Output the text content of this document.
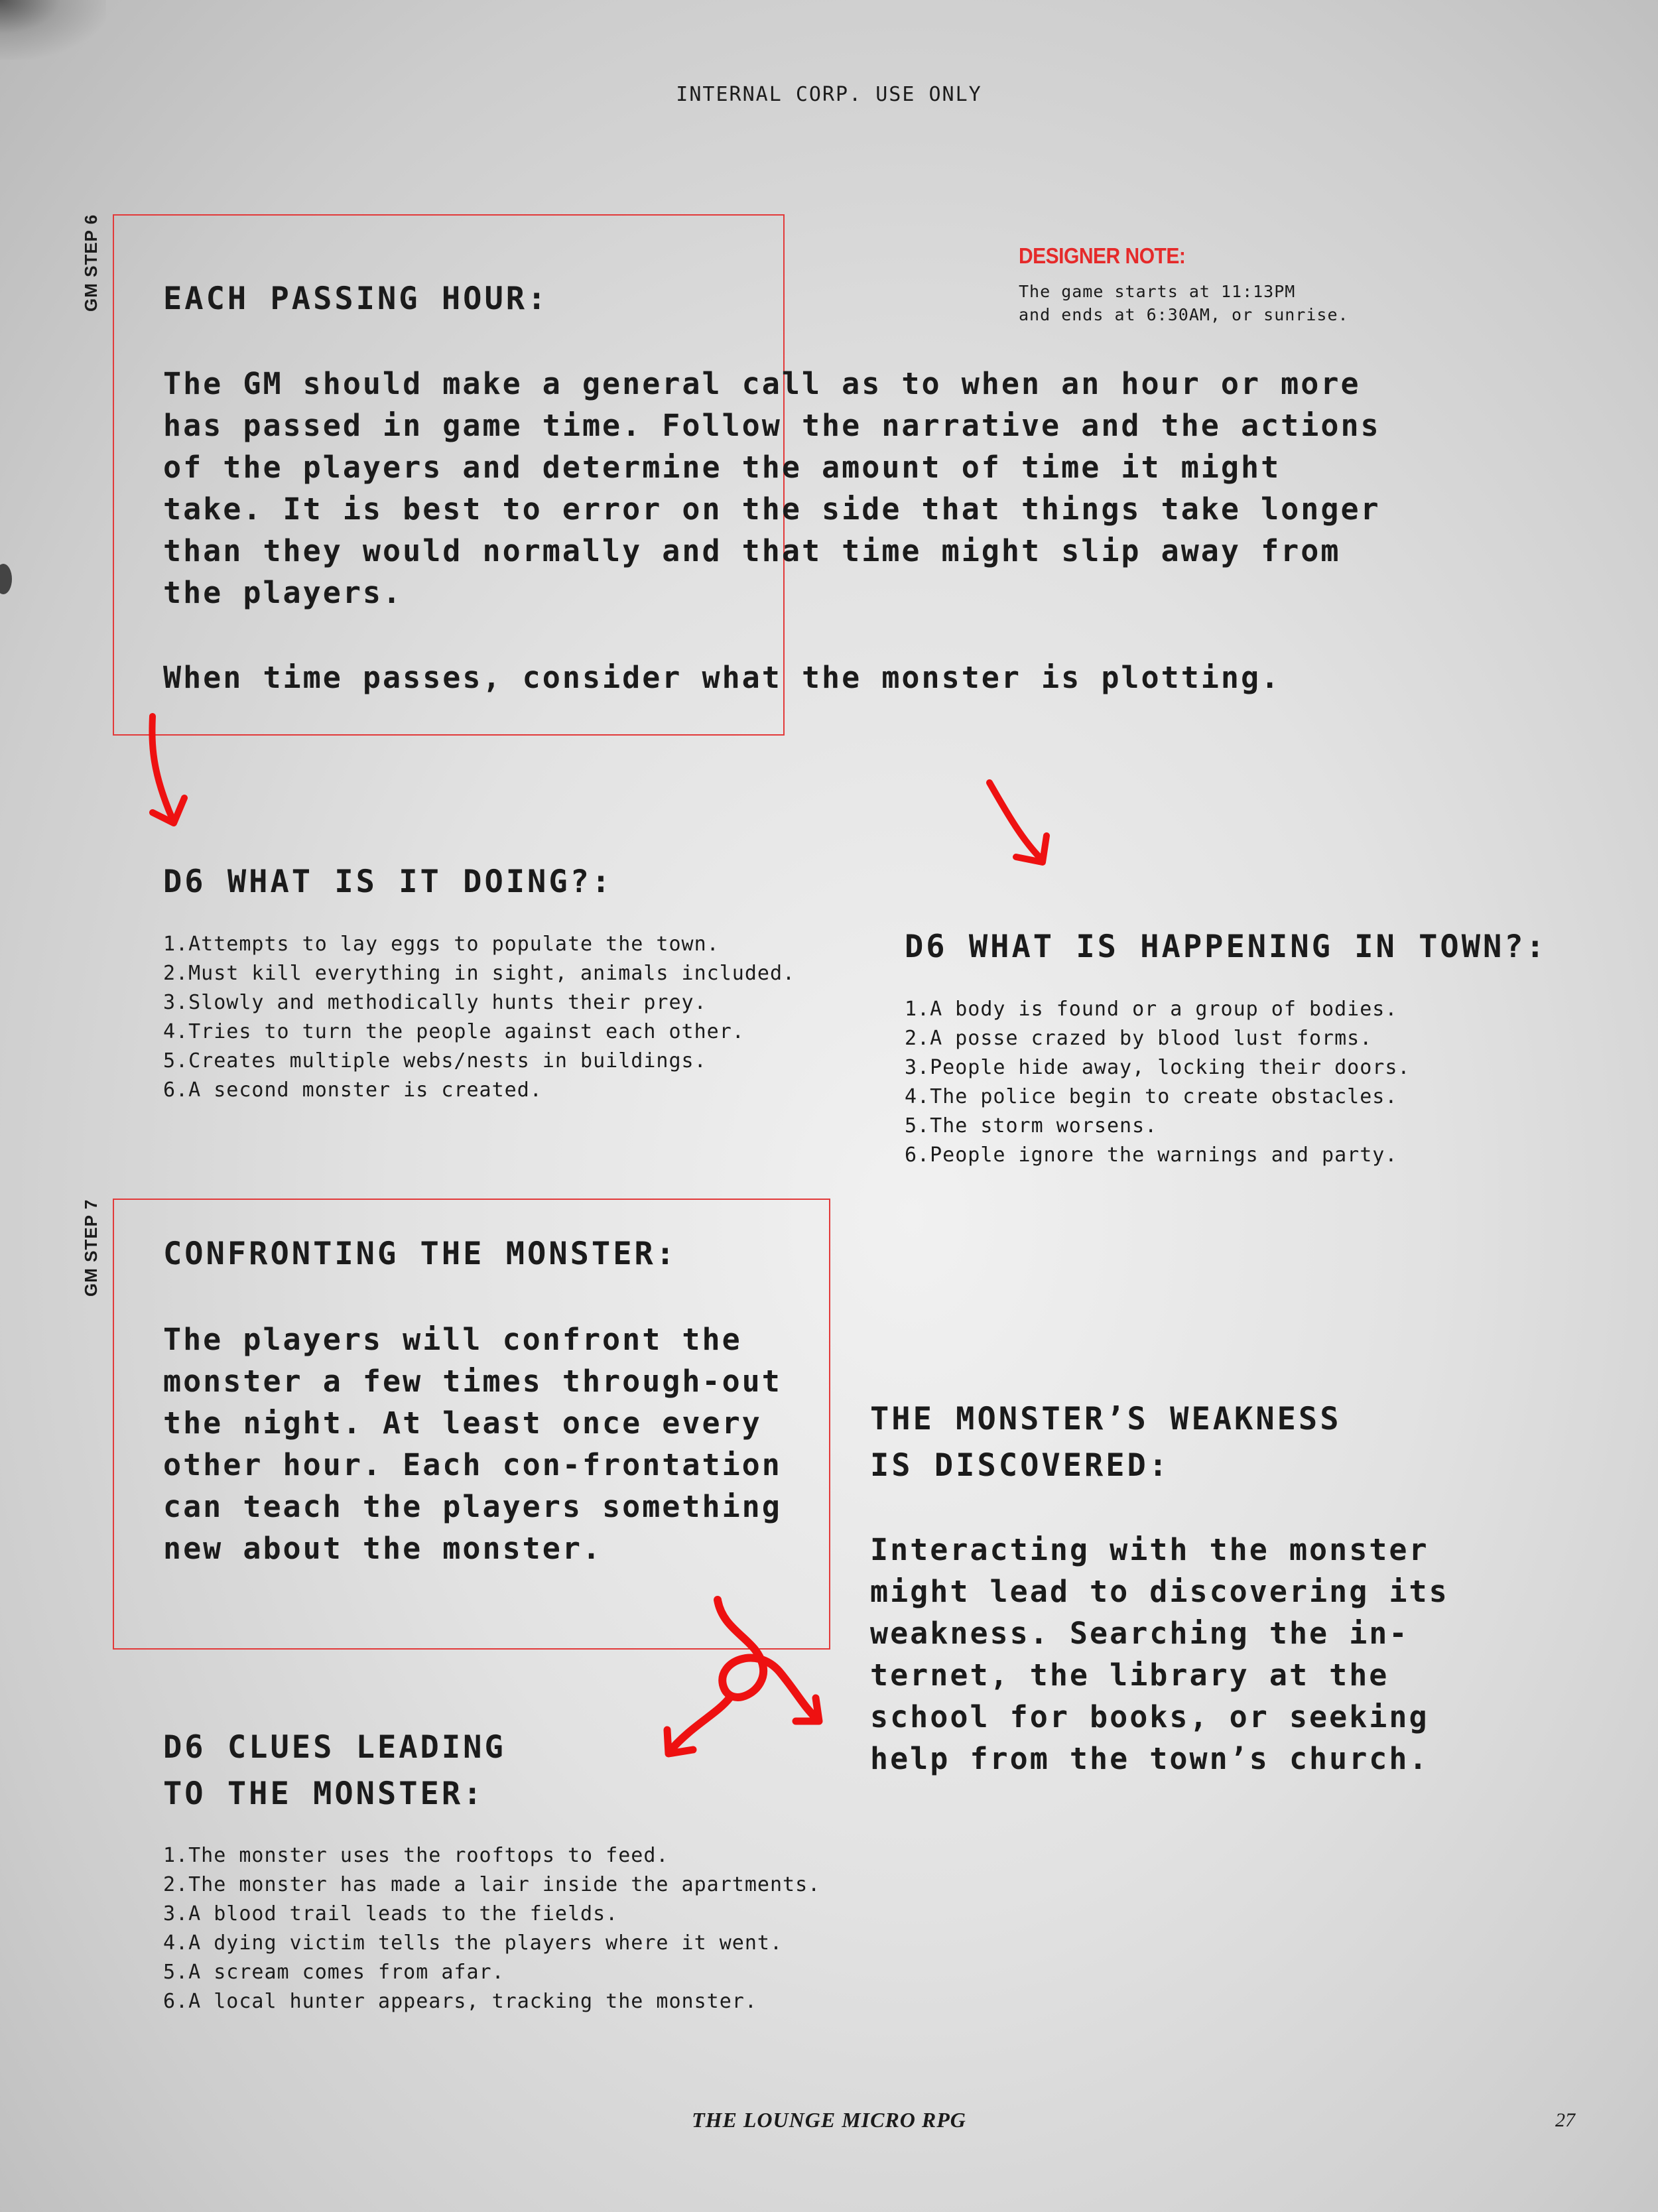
INTERNAL CORP. USE ONLY
GM STEP 6 EACH PASSING HOUR:
DESIGNER NOTE:
The game starts at 11:13PM
and ends at 6:30AM, or sunrise.
The GM should make a general call as to when an hour or more has passed in game time. Follow the narrative and the actions of the players and determine the amount of time it might take. It is best to error on the side that things take longer than they would normally and that time might slip away from the players.
When time passes, consider what the monster is plotting.
D6 WHAT IS IT DOING?:
1.Attempts to lay eggs to populate the town.
2.Must kill everything in sight, animals included.
3.Slowly and methodically hunts their prey.
4.Tries to turn the people against each other.
5.Creates multiple webs/nests in buildings.
6.A second monster is created.
D6 WHAT IS HAPPENING IN TOWN?:
1.A body is found or a group of bodies.
2.A posse crazed by blood lust forms.
3.People hide away, locking their doors.
4.The police begin to create obstacles.
5.The storm worsens.
6.People ignore the warnings and party.
GM STEP 7 CONFRONTING THE MONSTER:
The players will confront the monster a few times through-out the night. At least once every other hour. Each con-frontation can teach the players something new about the monster.
THE MONSTER’S WEAKNESS
IS DISCOVERED:
Interacting with the monster might lead to discovering its weakness. Searching the in-ternet, the library at the school for books, or seeking help from the town’s church.
D6 CLUES LEADING
TO THE MONSTER:
1.The monster uses the rooftops to feed.
2.The monster has made a lair inside the apartments.
3.A blood trail leads to the fields.
4.A dying victim tells the players where it went.
5.A scream comes from afar.
6.A local hunter appears, tracking the monster.
THE LOUNGE MICRO RPG	27
